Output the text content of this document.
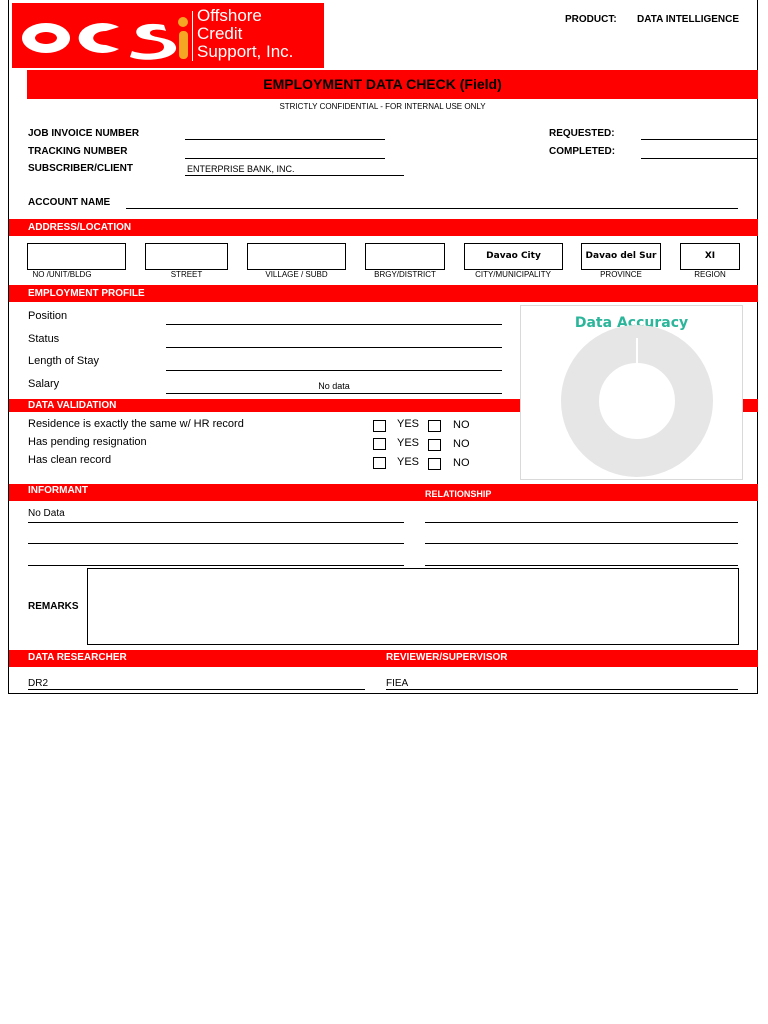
Offshore
Credit
Support, Inc.
PRODUCT: DATA INTELLIGENCE
EMPLOYMENT DATA CHECK (Field)
STRICTLY CONFIDENTIAL - FOR INTERNAL USE ONLY
JOB INVOICE NUMBER
TRACKING NUMBER
SUBSCRIBER/CLIENT	ENTERPRISE BANK, INC.
REQUESTED:
COMPLETED:
ACCOUNT NAME
ADDRESS/LOCATION
NO /UNIT/BLDG	STREET	VILLAGE / SUBD	BRGY/DISTRICT
Davao City
CITY/MUNICIPALITY
Davao del Sur
PROVINCE
XI
REGION
EMPLOYMENT PROFILE
Position
Status
Length of Stay
Salary	No data
DATA VALIDATION
Residence is exactly the same w/ HR record	YES	NO
Has pending resignation	YES	NO
Has clean record	YES	NO
Data Accuracy
INFORMANT	RELATIONSHIP
No Data
REMARKS
DATA RESEARCHER	REVIEWER/SUPERVISOR
DR2	FIEA
